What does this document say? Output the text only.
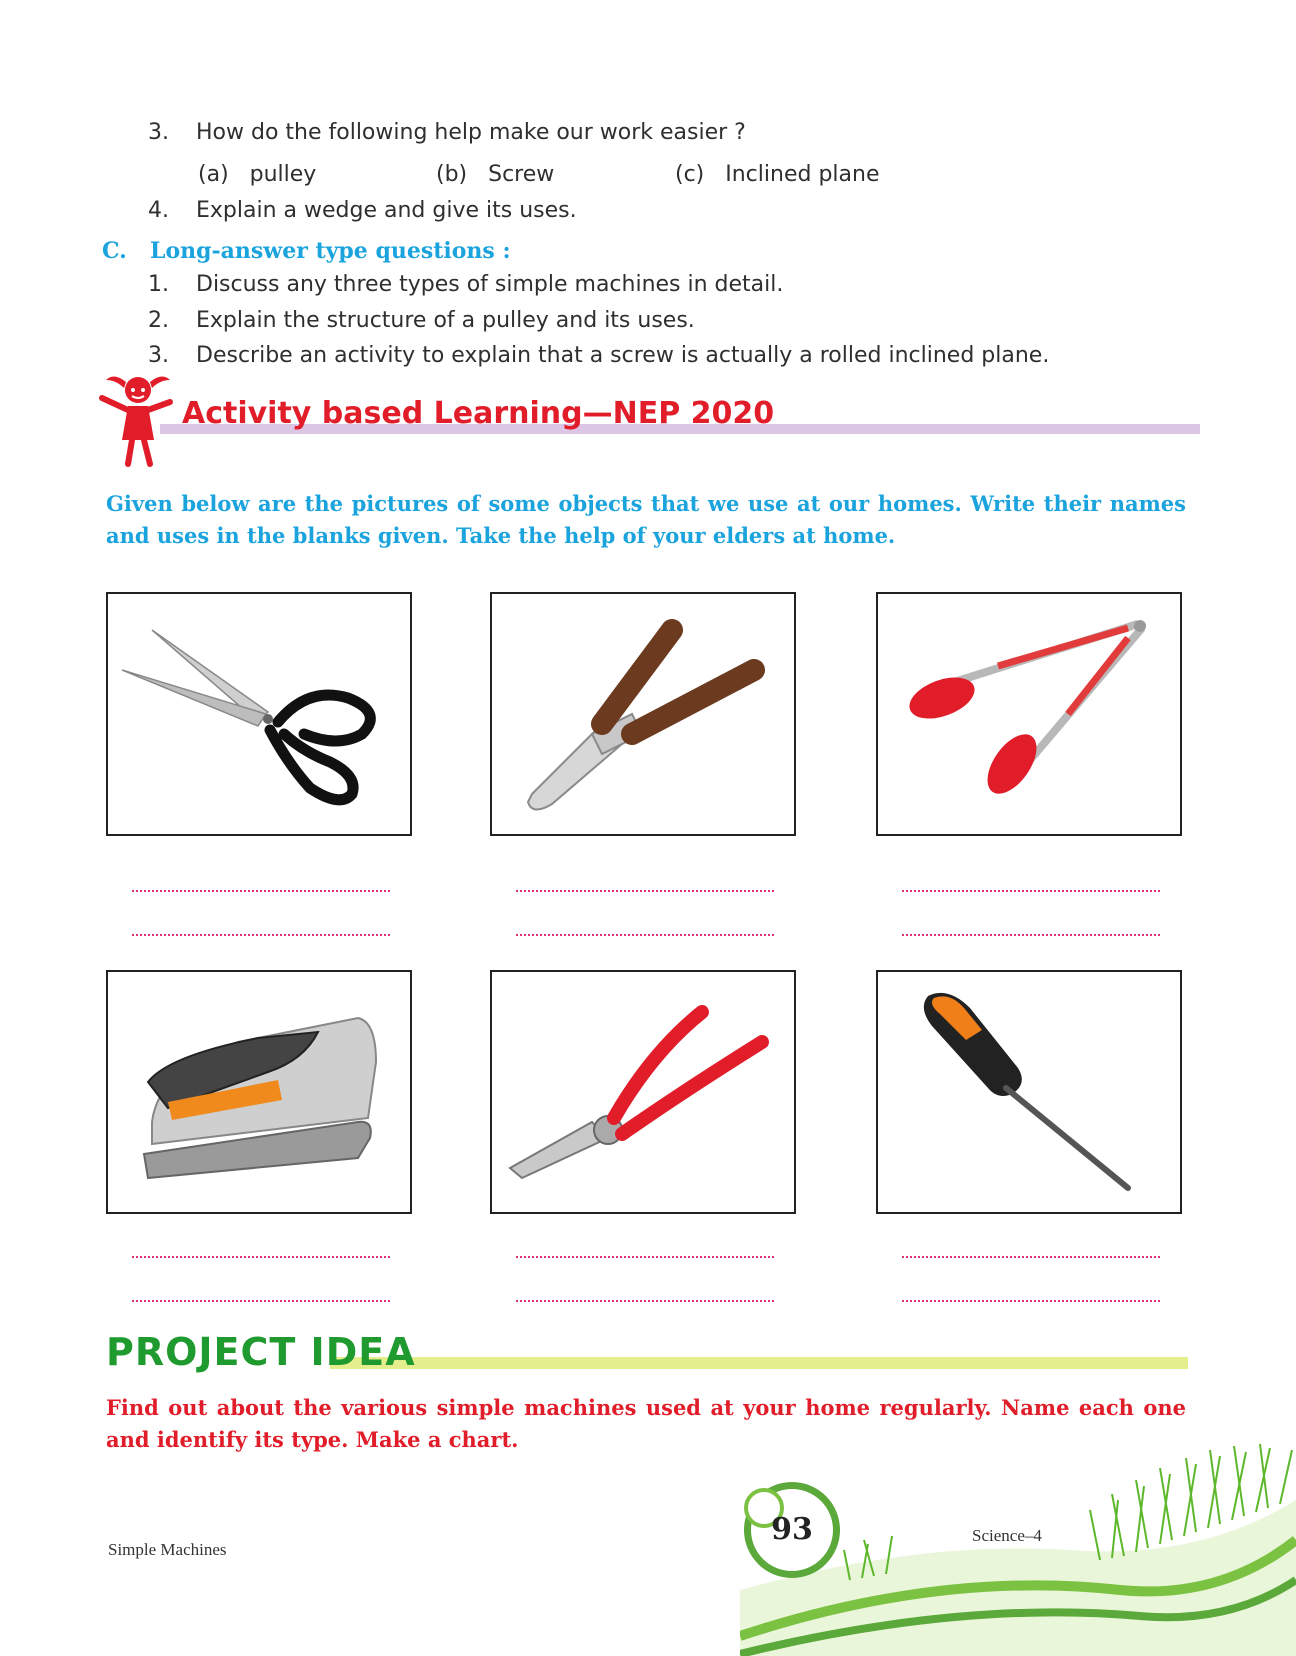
3. How do the following help make our work easier ?
(a) pulley	(b) Screw	(c) Inclined plane
4. Explain a wedge and give its uses.
C. Long-answer type questions :
1. Discuss any three types of simple machines in detail.
2. Explain the structure of a pulley and its uses.
3. Describe an activity to explain that a screw is actually a rolled inclined plane.
Activity based Learning—NEP 2020
Given below are the pictures of some objects that we use at our homes. Write their names and uses in the blanks given. Take the help of your elders at home.
PROJECT IDEA
Find out about the various simple machines used at your home regularly. Name each one and identify its type. Make a chart.
93
Simple Machines
Science–4
